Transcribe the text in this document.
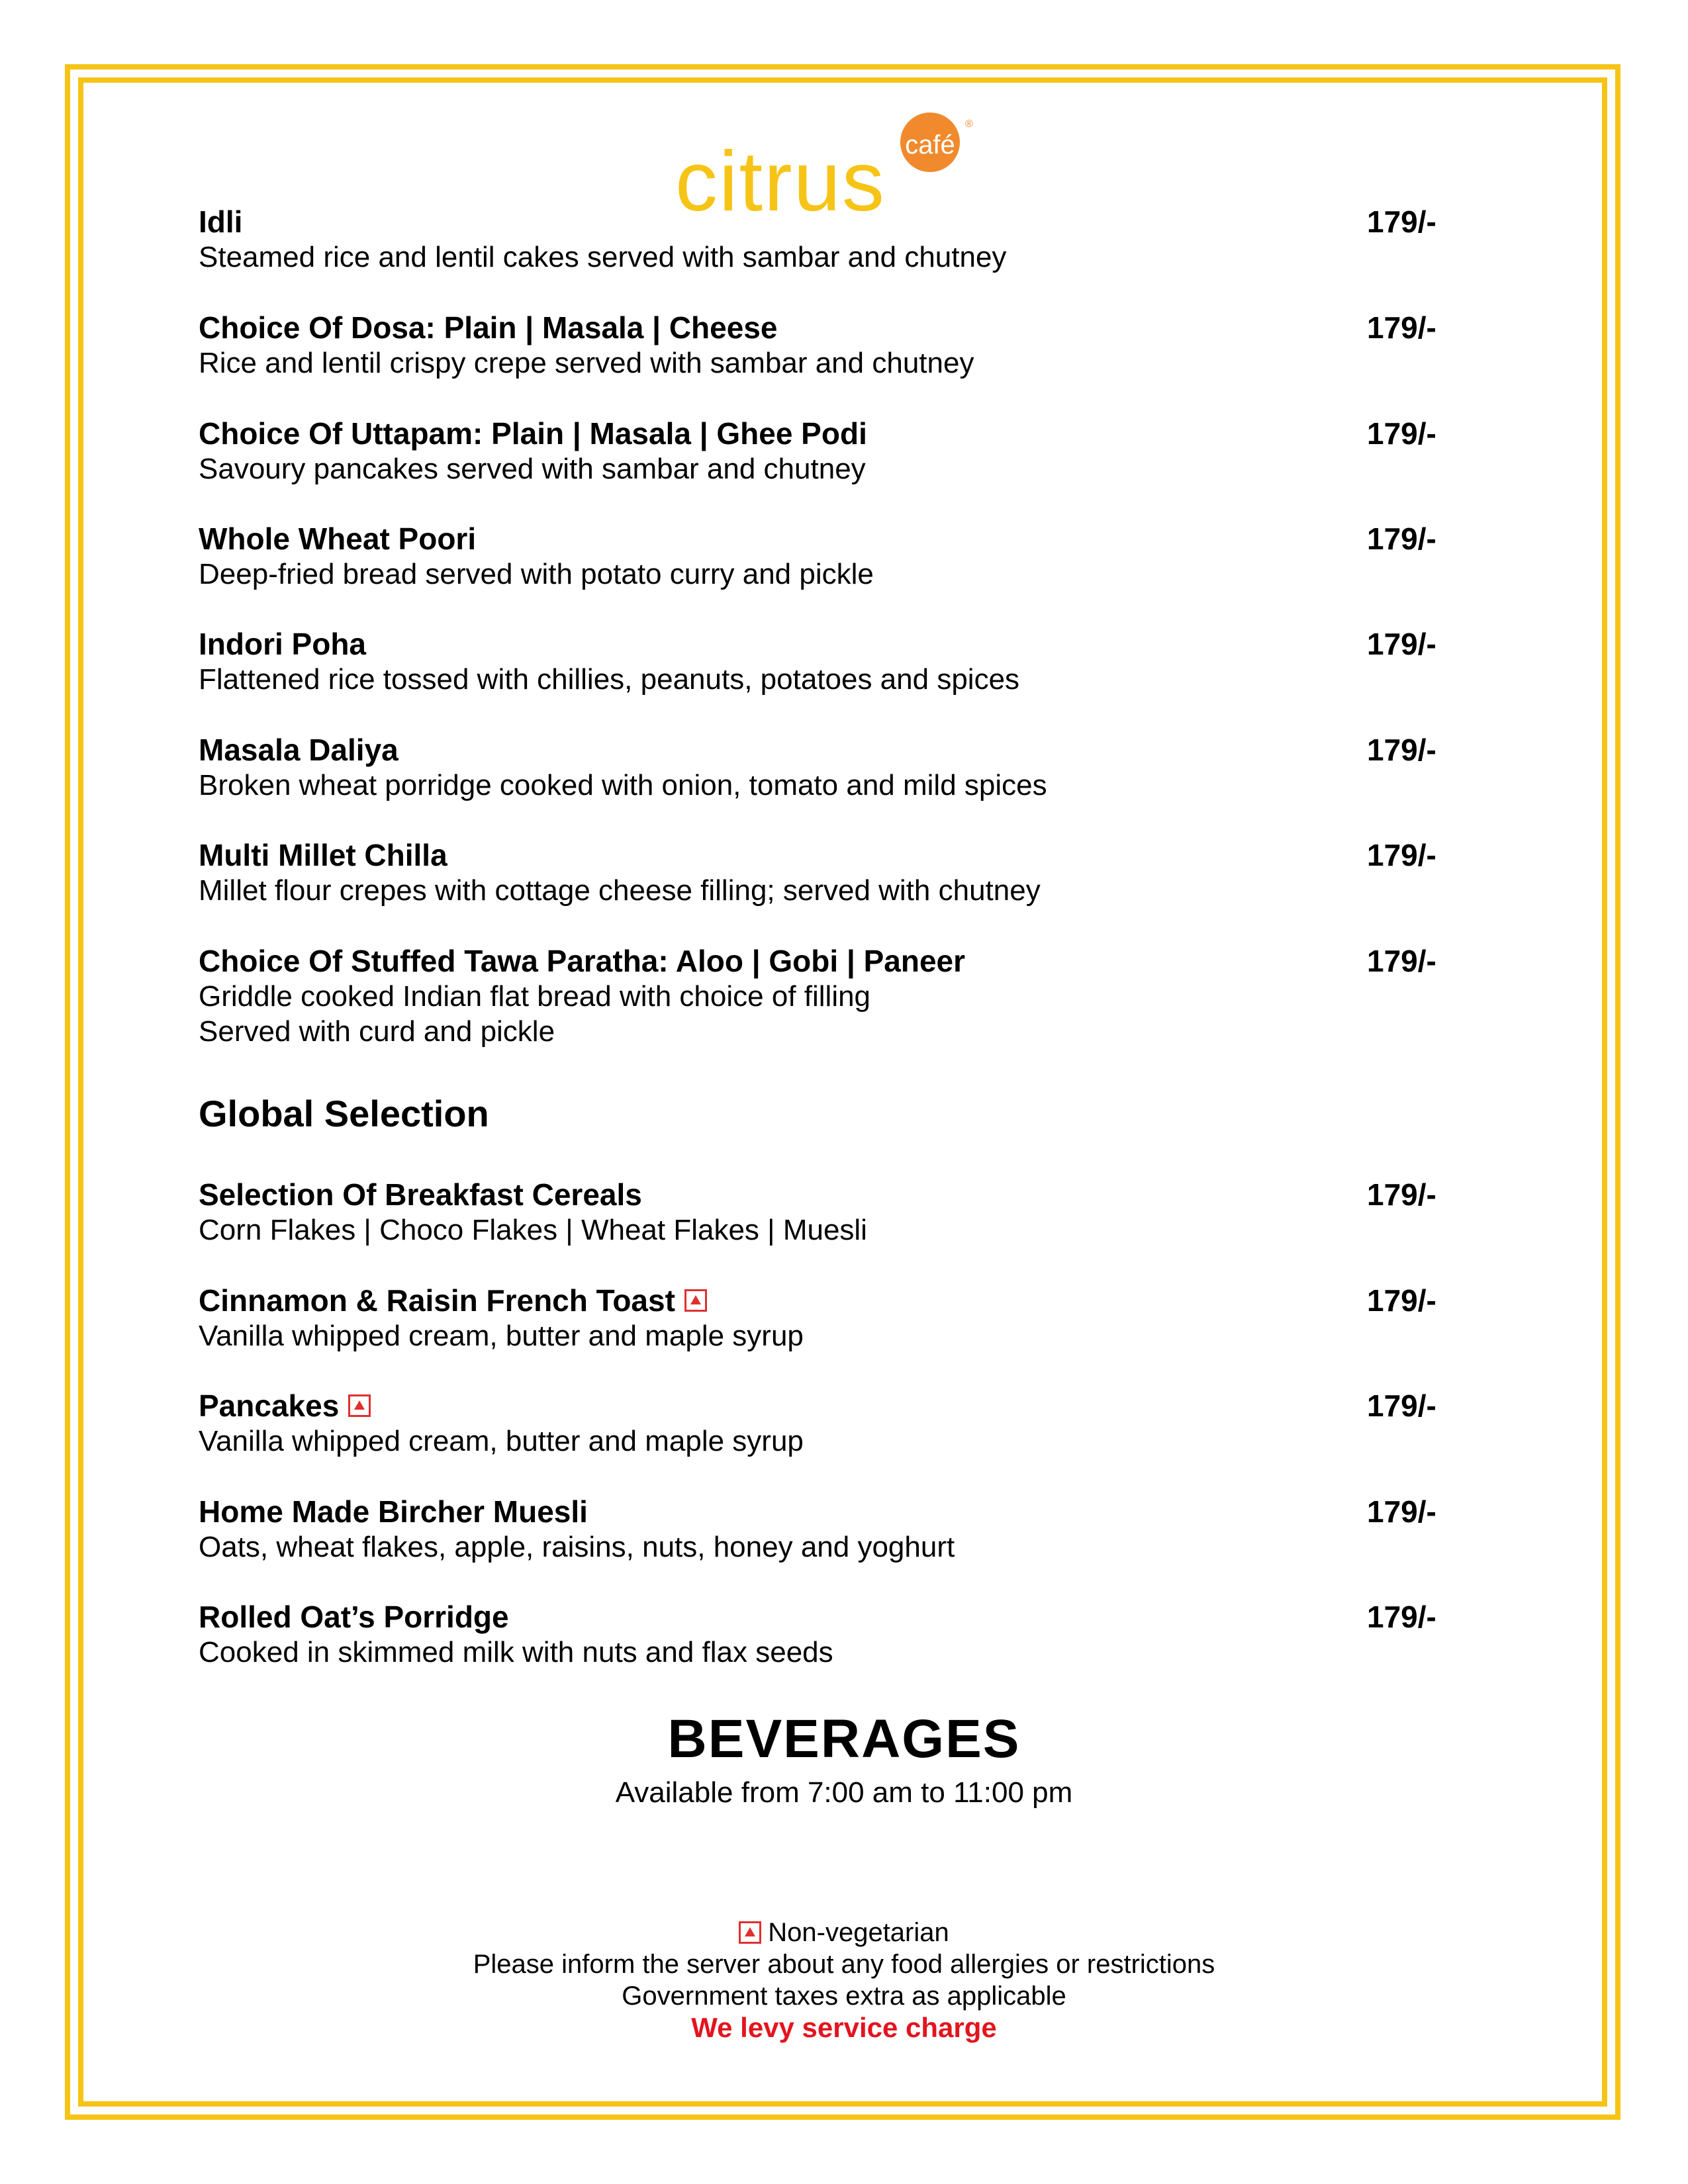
café
®
citrus
Idli
Steamed rice and lentil cakes served with sambar and chutney
179/-
Choice Of Dosa: Plain | Masala | Cheese
Rice and lentil crispy crepe served with sambar and chutney
179/-
Choice Of Uttapam: Plain | Masala | Ghee Podi
Savoury pancakes served with sambar and chutney
179/-
Whole Wheat Poori
Deep-fried bread served with potato curry and pickle
179/-
Indori Poha
Flattened rice tossed with chillies, peanuts, potatoes and spices
179/-
Masala Daliya
Broken wheat porridge cooked with onion, tomato and mild spices
179/-
Multi Millet Chilla
Millet flour crepes with cottage cheese filling; served with chutney
179/-
Choice Of Stuffed Tawa Paratha: Aloo | Gobi | Paneer
Griddle cooked Indian flat bread with choice of filling
Served with curd and pickle
179/-
Global Selection
Selection Of Breakfast Cereals
Corn Flakes | Choco Flakes | Wheat Flakes | Muesli
179/-
Cinnamon & Raisin French Toast
Vanilla whipped cream, butter and maple syrup
179/-
Pancakes
Vanilla whipped cream, butter and maple syrup
179/-
Home Made Bircher Muesli
Oats, wheat flakes, apple, raisins, nuts, honey and yoghurt
179/-
Rolled Oat’s Porridge
Cooked in skimmed milk with nuts and flax seeds
179/-
BEVERAGES
Available from 7:00 am to 11:00 pm
Non-vegetarian
Please inform the server about any food allergies or restrictions
Government taxes extra as applicable
We levy service charge
